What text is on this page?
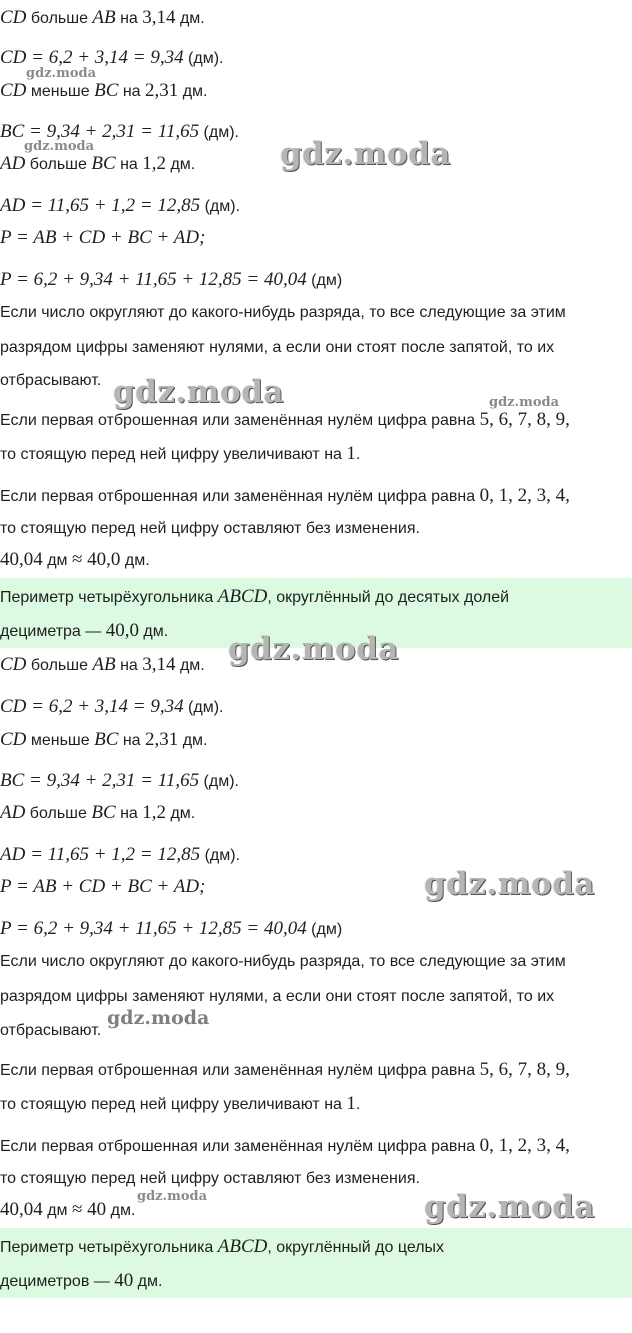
CD больше AB на 3,14 дм.
CD = 6,2 + 3,14 = 9,34 (дм).
CD меньше BC на 2,31 дм.
BC = 9,34 + 2,31 = 11,65 (дм).
AD больше BC на 1,2 дм.
AD = 11,65 + 1,2 = 12,85 (дм).
P = AB + CD + BC + AD;
P = 6,2 + 9,34 + 11,65 + 12,85 = 40,04 (дм)
Если число округляют до какого-нибудь разряда, то все следующие за этим
разрядом цифры заменяют нулями, а если они стоят после запятой, то их
отбрасывают.
Если первая отброшенная или заменённая нулём цифра равна 5, 6, 7, 8, 9,
то стоящую перед ней цифру увеличивают на 1.
Если первая отброшенная или заменённая нулём цифра равна 0, 1, 2, 3, 4,
то стоящую перед ней цифру оставляют без изменения.
40,04 дм ≈ 40,0 дм.
Периметр четырёхугольника ABCD, округлённый до десятых долей
дециметра — 40,0 дм.
CD больше AB на 3,14 дм.
CD = 6,2 + 3,14 = 9,34 (дм).
CD меньше BC на 2,31 дм.
BC = 9,34 + 2,31 = 11,65 (дм).
AD больше BC на 1,2 дм.
AD = 11,65 + 1,2 = 12,85 (дм).
P = AB + CD + BC + AD;
P = 6,2 + 9,34 + 11,65 + 12,85 = 40,04 (дм)
Если число округляют до какого-нибудь разряда, то все следующие за этим
разрядом цифры заменяют нулями, а если они стоят после запятой, то их
отбрасывают.
Если первая отброшенная или заменённая нулём цифра равна 5, 6, 7, 8, 9,
то стоящую перед ней цифру увеличивают на 1.
Если первая отброшенная или заменённая нулём цифра равна 0, 1, 2, 3, 4,
то стоящую перед ней цифру оставляют без изменения.
40,04 дм ≈ 40 дм.
Периметр четырёхугольника ABCD, округлённый до целых
дециметров — 40 дм.
gdz.moda
gdz.moda	gdz.moda
gdz.moda	gdz.moda
gdz.moda
gdz.moda
gdz.moda
gdz.moda	gdz.moda
